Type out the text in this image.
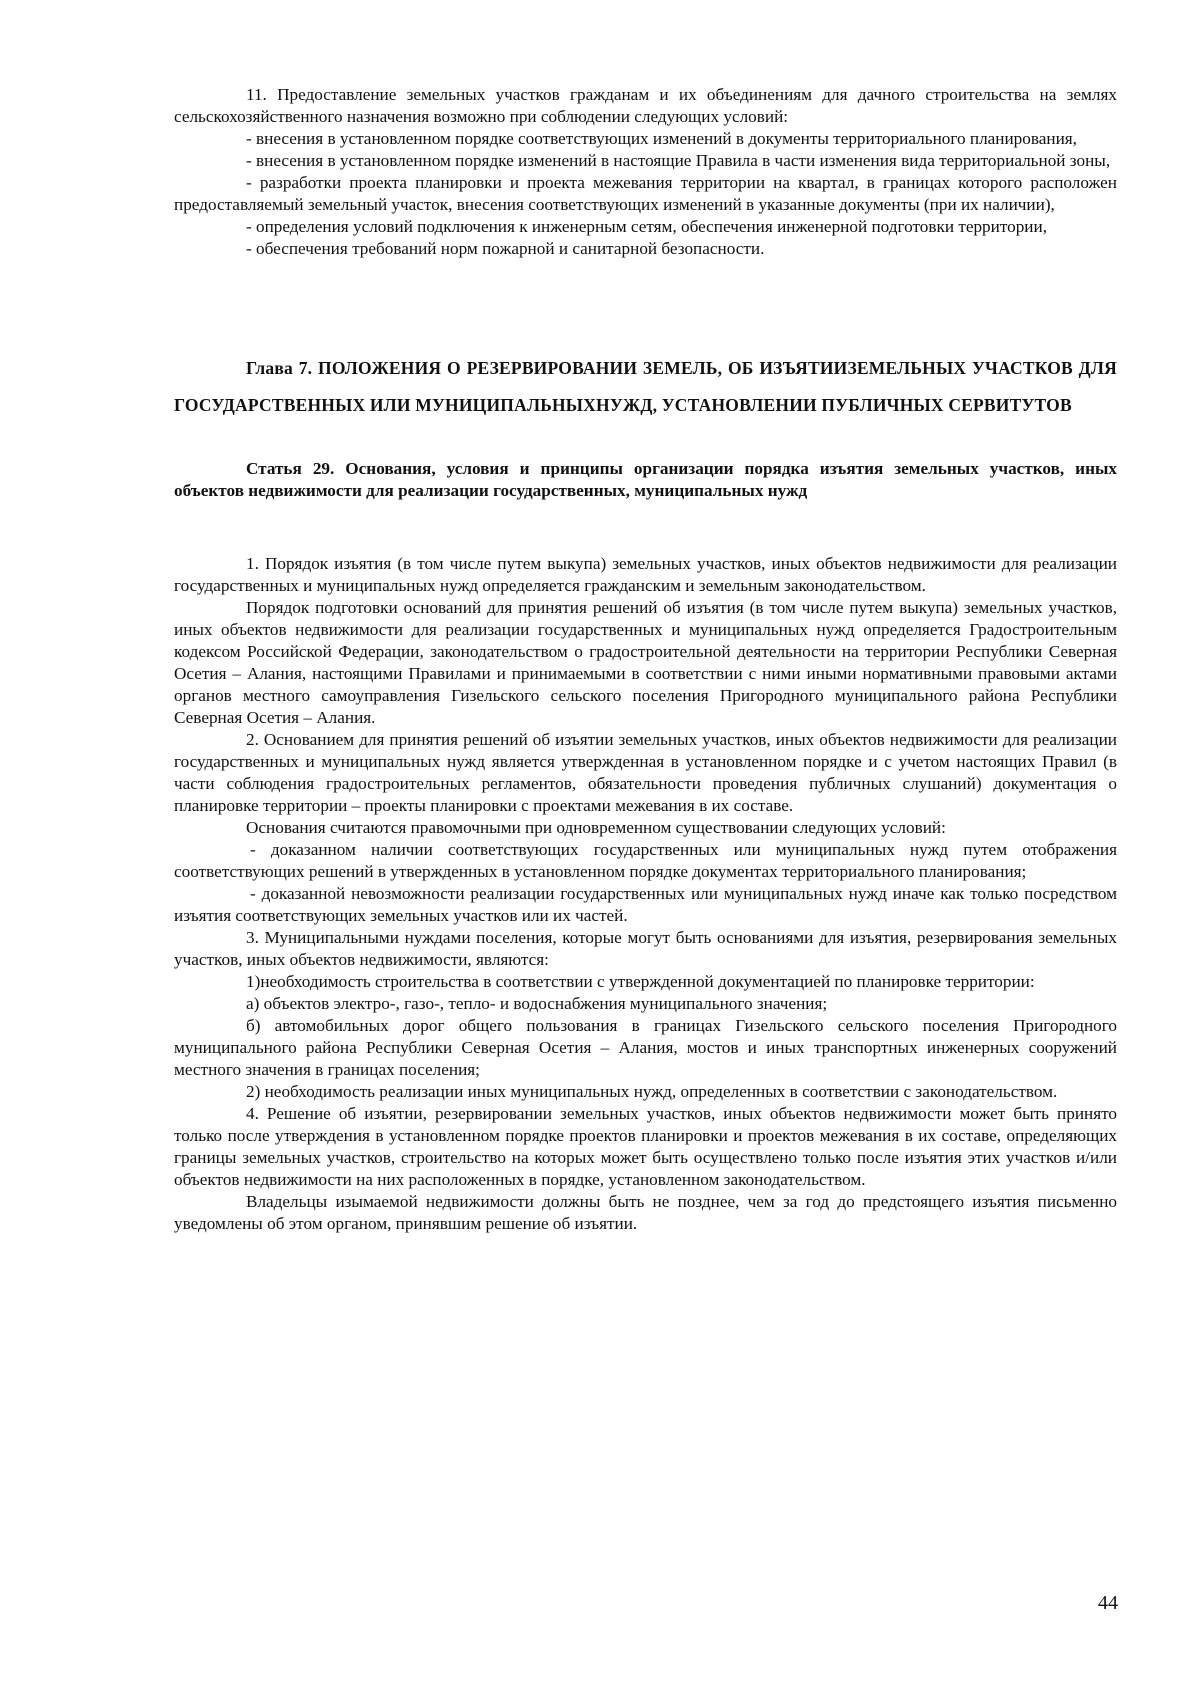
11. Предоставление земельных участков гражданам и их объединениям для дачного строительства на землях сельскохозяйственного назначения возможно при соблюдении следующих условий:

- внесения в установленном порядке соответствующих изменений в документы территориального планирования,

- внесения в установленном порядке изменений в настоящие Правила в части изменения вида территориальной зоны,

- разработки проекта планировки и проекта межевания территории на квартал, в границах которого расположен предоставляемый земельный участок, внесения соответствующих изменений в указанные документы (при их наличии),

- определения условий подключения к инженерным сетям, обеспечения инженерной подготовки территории,

- обеспечения требований норм пожарной и санитарной безопасности.

Глава 7. ПОЛОЖЕНИЯ О РЕЗЕРВИРОВАНИИ ЗЕМЕЛЬ, ОБ ИЗЪЯТИИЗЕМЕЛЬНЫХ УЧАСТКОВ ДЛЯ ГОСУДАРСТВЕННЫХ ИЛИ МУНИЦИПАЛЬНЫХНУЖД, УСТАНОВЛЕНИИ ПУБЛИЧНЫХ СЕРВИТУТОВ

Статья 29. Основания, условия и принципы организации порядка изъятия земельных участков, иных объектов недвижимости для реализации государственных, муниципальных нужд

1. Порядок изъятия (в том числе путем выкупа) земельных участков, иных объектов недвижимости для реализации государственных и муниципальных нужд определяется гражданским и земельным законодательством.

Порядок подготовки оснований для принятия решений об изъятия (в том числе путем выкупа) земельных участков, иных объектов недвижимости для реализации государственных и муниципальных нужд определяется Градостроительным кодексом Российской Федерации, законодательством о градостроительной деятельности на территории Республики Северная Осетия – Алания, настоящими Правилами и принимаемыми в соответствии с ними иными нормативными правовыми актами органов местного самоуправления Гизельского сельского поселения Пригородного муниципального района Республики Северная Осетия – Алания.

2. Основанием для принятия решений об изъятии земельных участков, иных объектов недвижимости для реализации государственных и муниципальных нужд является утвержденная в установленном порядке и с учетом настоящих Правил (в части соблюдения градостроительных регламентов, обязательности проведения публичных слушаний) документация о планировке территории – проекты планировки с проектами межевания в их составе.

Основания считаются правомочными при одновременном существовании следующих условий:

- доказанном наличии соответствующих государственных или муниципальных нужд путем отображения соответствующих решений в утвержденных в установленном порядке документах территориального планирования;

- доказанной невозможности реализации государственных или муниципальных нужд иначе как только посредством изъятия соответствующих земельных участков или их частей.

3. Муниципальными нуждами поселения, которые могут быть основаниями для изъятия, резервирования земельных участков, иных объектов недвижимости, являются:

1)необходимость строительства в соответствии с утвержденной документацией по планировке территории:

а) объектов электро-, газо-, тепло- и водоснабжения муниципального значения;

б) автомобильных дорог общего пользования в границах Гизельского сельского поселения Пригородного муниципального района Республики Северная Осетия – Алания, мостов и иных транспортных инженерных сооружений местного значения в границах поселения;

2) необходимость реализации иных муниципальных нужд, определенных в соответствии с законодательством.

4. Решение об изъятии, резервировании земельных участков, иных объектов недвижимости может быть принято только после утверждения в установленном порядке проектов планировки и проектов межевания в их составе, определяющих границы земельных участков, строительство на которых может быть осуществлено только после изъятия этих участков и/или объектов недвижимости на них расположенных в порядке, установленном законодательством.

Владельцы изымаемой недвижимости должны быть не позднее, чем за год до предстоящего изъятия письменно уведомлены об этом органом, принявшим решение об изъятии.

44
